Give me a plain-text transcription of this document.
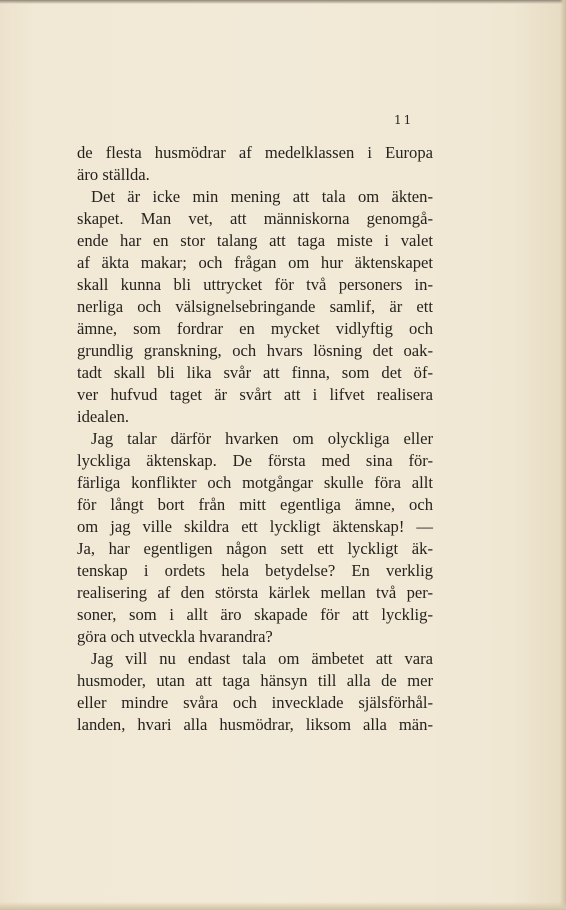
11
de flesta husmödrar af medelklassen i Europa
äro ställda.
Det är icke min mening att tala om äkten-
skapet. Man vet, att människorna genomgå-
ende har en stor talang att taga miste i valet
af äkta makar; och frågan om hur äktenskapet
skall kunna bli uttrycket för två personers in-
nerliga och välsignelsebringande samlif, är ett
ämne, som fordrar en mycket vidlyftig och
grundlig granskning, och hvars lösning det oak-
tadt skall bli lika svår att finna, som det öf-
ver hufvud taget är svårt att i lifvet realisera
idealen.
Jag talar därför hvarken om olyckliga eller
lyckliga äktenskap. De första med sina för-
färliga konflikter och motgångar skulle föra allt
för långt bort från mitt egentliga ämne, och
om jag ville skildra ett lyckligt äktenskap! —
Ja, har egentligen någon sett ett lyckligt äk-
tenskap i ordets hela betydelse? En verklig
realisering af den största kärlek mellan två per-
soner, som i allt äro skapade för att lycklig-
göra och utveckla hvarandra?
Jag vill nu endast tala om ämbetet att vara
husmoder, utan att taga hänsyn till alla de mer
eller mindre svåra och invecklade själsförhål-
landen, hvari alla husmödrar, liksom alla män-
